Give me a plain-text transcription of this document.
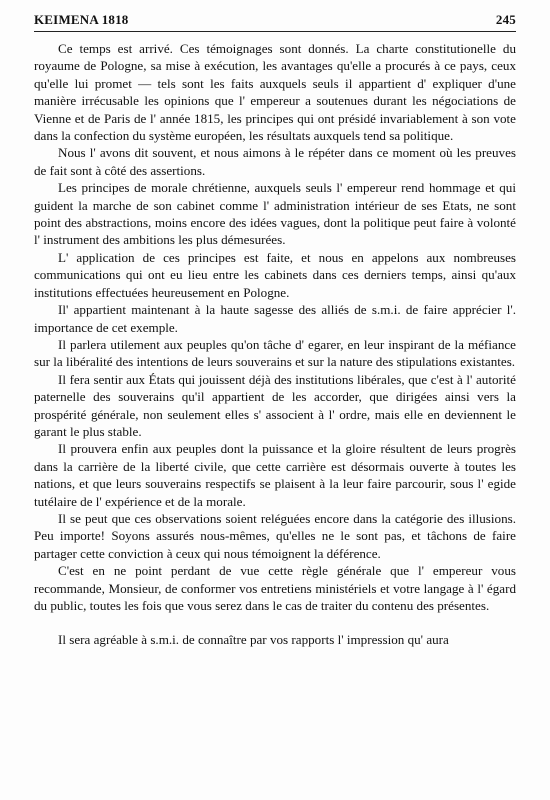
KEIMENA 1818	245

Ce temps est arrivé. Ces témoignages sont donnés. La charte constitutionelle du royaume de Pologne, sa mise à exécution, les avantages qu'elle a procurés à ce pays, ceux qu'elle lui promet — tels sont les faits auxquels seuls il appartient d' expliquer d'une manière irrécusable les opinions que l' empereur a soutenues durant les négociations de Vienne et de Paris de l' année 1815, les principes qui ont présidé invariablement à son vote dans la confection du système européen, les résultats auxquels tend sa politique.

Nous l' avons dit souvent, et nous aimons à le répéter dans ce moment où les preuves de fait sont à côté des assertions.

Les principes de morale chrétienne, auxquels seuls l' empereur rend hommage et qui guident la marche de son cabinet comme l' administration intérieur de ses Etats, ne sont point des abstractions, moins encore des idées vagues, dont la politique peut faire à volonté l' instrument des ambitions les plus démesurées.

L' application de ces principes est faite, et nous en appelons aux nombreuses communications qui ont eu lieu entre les cabinets dans ces derniers temps, ainsi qu'aux institutions effectuées heureusement en Pologne.

Il' appartient maintenant à la haute sagesse des alliés de s.m.i. de faire apprécier l'. importance de cet exemple.

Il parlera utilement aux peuples qu'on tâche d' egarer, en leur inspirant de la méfiance sur la libéralité des intentions de leurs souverains et sur la nature des stipulations existantes.

Il fera sentir aux États qui jouissent déjà des institutions libérales, que c'est à l' autorité paternelle des souverains qu'il appartient de les accorder, que dirigées ainsi vers la prospérité générale, non seulement elles s' associent à l' ordre, mais elle en deviennent le garant le plus stable.

Il prouvera enfin aux peuples dont la puissance et la gloire résultent de leurs progrès dans la carrière de la liberté civile, que cette carrière est désormais ouverte à toutes les nations, et que leurs souverains respectifs se plaisent à la leur faire parcourir, sous l' egide tutélaire de l' expérience et de la morale.

Il se peut que ces observations soient reléguées encore dans la catégorie des illusions. Peu importe! Soyons assurés nous-mêmes, qu'elles ne le sont pas, et tâchons de faire partager cette conviction à ceux qui nous témoignent la déférence.

C'est en ne point perdant de vue cette règle générale que l' empereur vous recommande, Monsieur, de conformer vos entretiens ministériels et votre langage à l' égard du public, toutes les fois que vous serez dans le cas de traiter du contenu des présentes.

Il sera agréable à s.m.i. de connaître par vos rapports l' impression qu' aura
